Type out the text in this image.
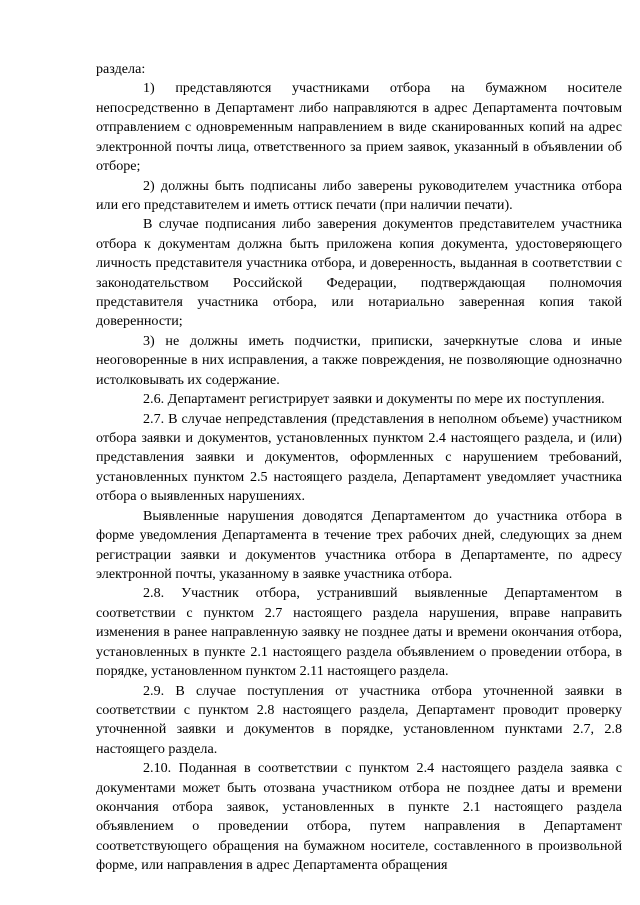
раздела:

1) представляются участниками отбора на бумажном носителе непосредственно в Департамент либо направляются в адрес Департамента почтовым отправлением с одновременным направлением в виде сканированных копий на адрес электронной почты лица, ответственного за прием заявок, указанный в объявлении об отборе;

2) должны быть подписаны либо заверены руководителем участника отбора или его представителем и иметь оттиск печати (при наличии печати).

В случае подписания либо заверения документов представителем участника отбора к документам должна быть приложена копия документа, удостоверяющего личность представителя участника отбора, и доверенность, выданная в соответствии с законодательством Российской Федерации, подтверждающая полномочия представителя участника отбора, или нотариально заверенная копия такой доверенности;

3) не должны иметь подчистки, приписки, зачеркнутые слова и иные неоговоренные в них исправления, а также повреждения, не позволяющие однозначно истолковывать их содержание.

2.6. Департамент регистрирует заявки и документы по мере их поступления.

2.7. В случае непредставления (представления в неполном объеме) участником отбора заявки и документов, установленных пунктом 2.4 настоящего раздела, и (или) представления заявки и документов, оформленных с нарушением требований, установленных пунктом 2.5 настоящего раздела, Департамент уведомляет участника отбора о выявленных нарушениях.

Выявленные нарушения доводятся Департаментом до участника отбора в форме уведомления Департамента в течение трех рабочих дней, следующих за днем регистрации заявки и документов участника отбора в Департаменте, по адресу электронной почты, указанному в заявке участника отбора.

2.8. Участник отбора, устранивший выявленные Департаментом в соответствии с пунктом 2.7 настоящего раздела нарушения, вправе направить изменения в ранее направленную заявку не позднее даты и времени окончания отбора, установленных в пункте 2.1 настоящего раздела объявлением о проведении отбора, в порядке, установленном пунктом 2.11 настоящего раздела.

2.9. В случае поступления от участника отбора уточненной заявки в соответствии с пунктом 2.8 настоящего раздела, Департамент проводит проверку уточненной заявки и документов в порядке, установленном пунктами 2.7, 2.8 настоящего раздела.

2.10. Поданная в соответствии с пунктом 2.4 настоящего раздела заявка с документами может быть отозвана участником отбора не позднее даты и времени окончания отбора заявок, установленных в пункте 2.1 настоящего раздела объявлением о проведении отбора, путем направления в Департамент соответствующего обращения на бумажном носителе, составленного в произвольной форме, или направления в адрес Департамента обращения
